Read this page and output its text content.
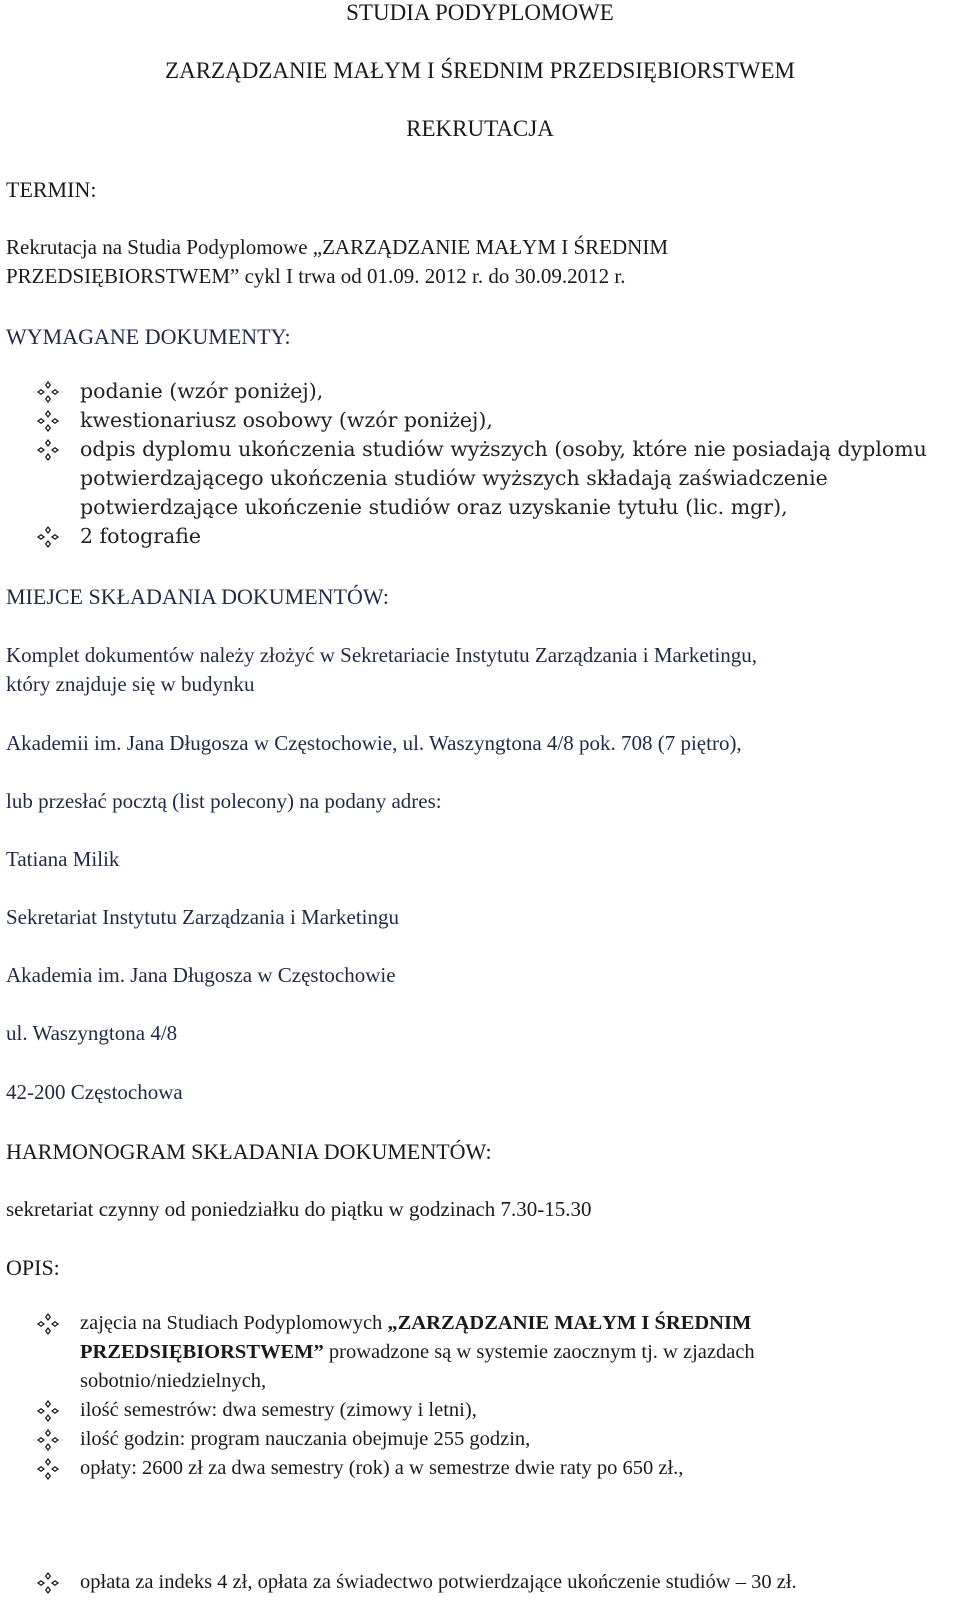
STUDIA PODYPLOMOWE
ZARZĄDZANIE MAŁYM I ŚREDNIM PRZEDSIĘBIORSTWEM
REKRUTACJA
TERMIN:
Rekrutacja na Studia Podyplomowe „ZARZĄDZANIE MAŁYM I ŚREDNIM
PRZEDSIĘBIORSTWEM” cykl I trwa od 01.09. 2012 r. do 30.09.2012 r.
WYMAGANE DOKUMENTY:
podanie (wzór poniżej),
kwestionariusz osobowy (wzór poniżej),
odpis dyplomu ukończenia studiów wyższych (osoby, które nie posiadają dyplomu potwierdzającego ukończenia studiów wyższych składają zaświadczenie potwierdzające ukończenie studiów oraz uzyskanie tytułu (lic. mgr),
2 fotografie
MIEJCE SKŁADANIA DOKUMENTÓW:
Komplet dokumentów należy złożyć w Sekretariacie Instytutu Zarządzania i Marketingu,
który znajduje się w budynku
Akademii im. Jana Długosza w Częstochowie, ul. Waszyngtona 4/8 pok. 708 (7 piętro),
lub przesłać pocztą (list polecony) na podany adres:
Tatiana Milik
Sekretariat Instytutu Zarządzania i Marketingu
Akademia im. Jana Długosza w Częstochowie
ul. Waszyngtona 4/8
42-200 Częstochowa
HARMONOGRAM SKŁADANIA DOKUMENTÓW:
sekretariat czynny od poniedziałku do piątku w godzinach 7.30-15.30
OPIS:
zajęcia na Studiach Podyplomowych „ZARZĄDZANIE MAŁYM I ŚREDNIM PRZEDSIĘBIORSTWEM” prowadzone są w systemie zaocznym tj. w zjazdach sobotnio/niedzielnych,
ilość semestrów: dwa semestry (zimowy i letni),
ilość godzin: program nauczania obejmuje 255 godzin,
opłaty: 2600 zł za dwa semestry (rok) a w semestrze dwie raty po 650 zł.,
opłata za indeks 4 zł, opłata za świadectwo potwierdzające ukończenie studiów – 30 zł.
